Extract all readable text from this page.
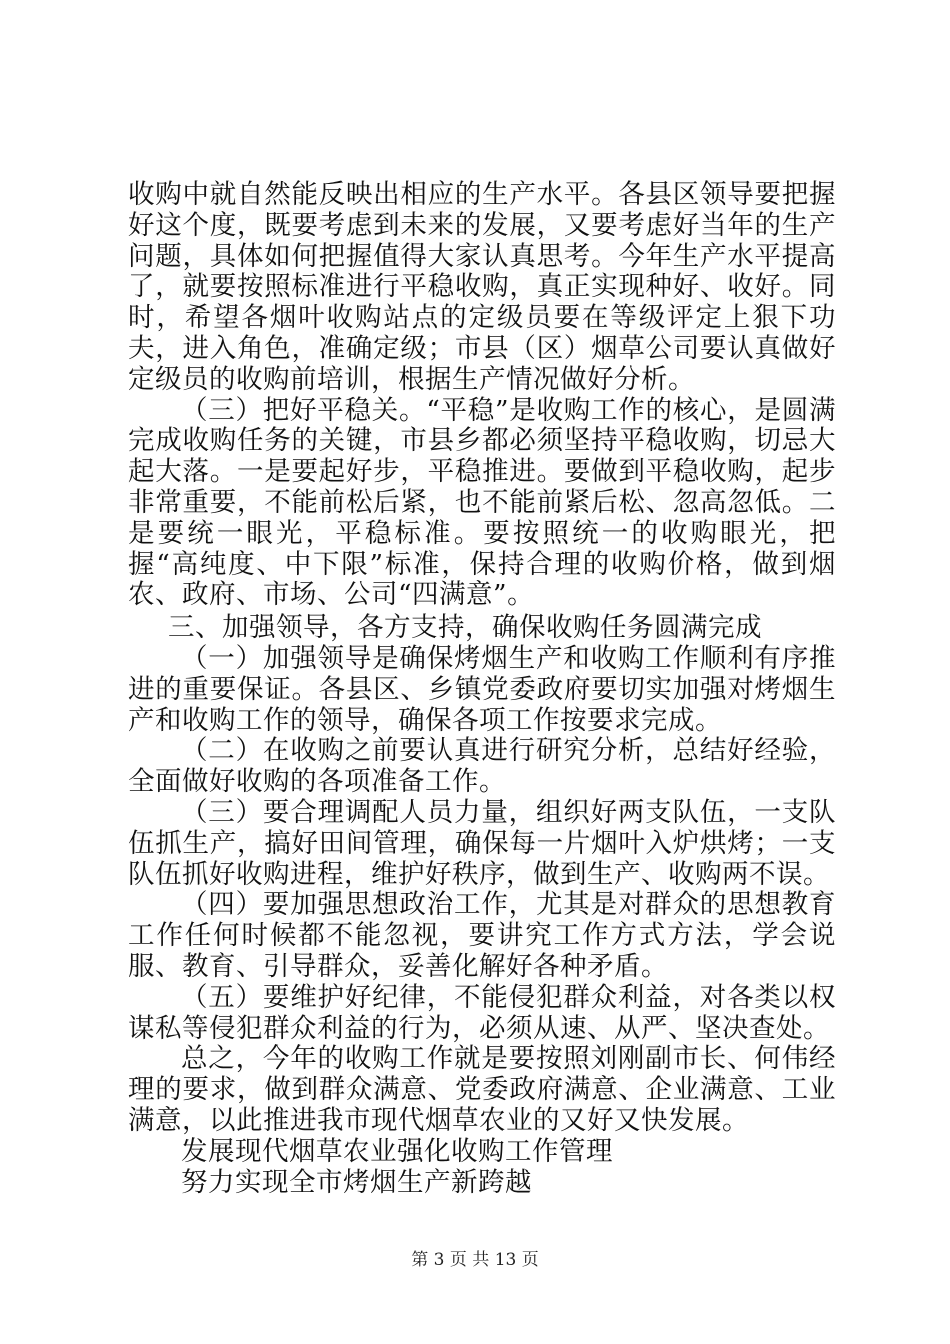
收购中就自然能反映出相应的生产水平。各县区领导要把握好这个度，既要考虑到未来的发展，又要考虑好当年的生产问题，具体如何把握值得大家认真思考。今年生产水平提高了，就要按照标准进行平稳收购，真正实现种好、收好。同时，希望各烟叶收购站点的定级员要在等级评定上狠下功夫，进入角色，准确定级；市县（区）烟草公司要认真做好定级员的收购前培训，根据生产情况做好分析。

（三）把好平稳关。“平稳”是收购工作的核心，是圆满完成收购任务的关键，市县乡都必须坚持平稳收购，切忌大起大落。一是要起好步，平稳推进。要做到平稳收购，起步非常重要，不能前松后紧，也不能前紧后松、忽高忽低。二是要统一眼光，平稳标准。要按照统一的收购眼光，把握“高纯度、中下限”标准，保持合理的收购价格，做到烟农、政府、市场、公司“四满意”。

三、加强领导，各方支持，确保收购任务圆满完成

（一）加强领导是确保烤烟生产和收购工作顺利有序推进的重要保证。各县区、乡镇党委政府要切实加强对烤烟生产和收购工作的领导，确保各项工作按要求完成。

（二）在收购之前要认真进行研究分析，总结好经验，全面做好收购的各项准备工作。

（三）要合理调配人员力量，组织好两支队伍，一支队伍抓生产，搞好田间管理，确保每一片烟叶入炉烘烤；一支队伍抓好收购进程，维护好秩序，做到生产、收购两不误。

（四）要加强思想政治工作，尤其是对群众的思想教育工作任何时候都不能忽视，要讲究工作方式方法，学会说服、教育、引导群众，妥善化解好各种矛盾。

（五）要维护好纪律，不能侵犯群众利益，对各类以权谋私等侵犯群众利益的行为，必须从速、从严、坚决查处。

总之，今年的收购工作就是要按照刘刚副市长、何伟经理的要求，做到群众满意、党委政府满意、企业满意、工业满意，以此推进我市现代烟草农业的又好又快发展。

发展现代烟草农业强化收购工作管理

努力实现全市烤烟生产新跨越

第 3 页 共 13 页
